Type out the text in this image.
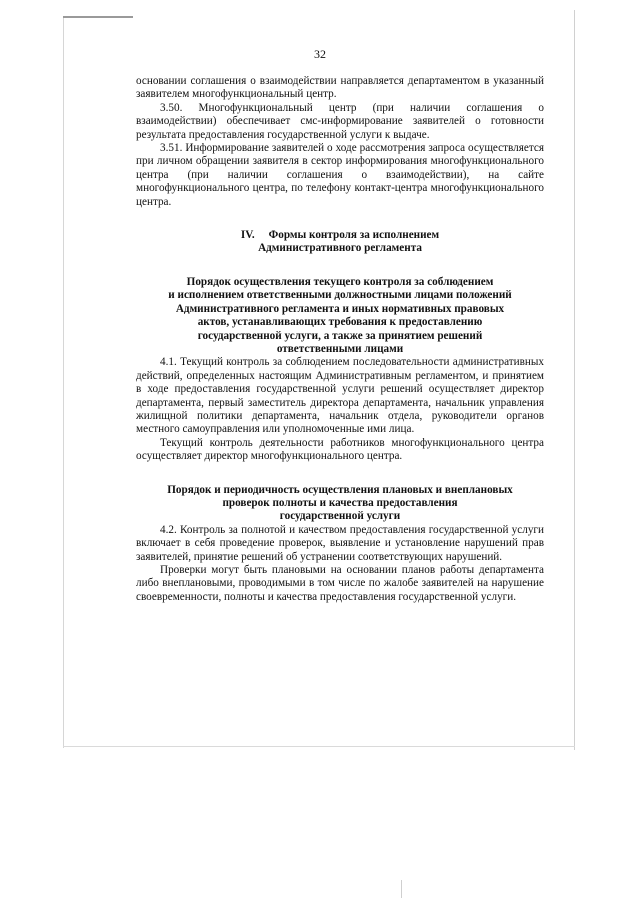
32

основании соглашения о взаимодействии направляется департаментом в указанный заявителем многофункциональный центр.

3.50. Многофункциональный центр (при наличии соглашения о взаимодействии) обеспечивает смс-информирование заявителей о готовности результата предоставления государственной услуги к выдаче.

3.51. Информирование заявителей о ходе рассмотрения запроса осуществляется при личном обращении заявителя в сектор информирования многофункционального центра (при наличии соглашения о взаимодействии), на сайте многофункционального центра, по телефону контакт-центра многофункционального центра.

IV.     Формы контроля за исполнением
Административного регламента
Порядок осуществления текущего контроля за соблюдением
и исполнением ответственными должностными лицами положений
Административного регламента и иных нормативных правовых
актов, устанавливающих требования к предоставлению
государственной услуги, а также за принятием решений
ответственными лицами

4.1. Текущий контроль за соблюдением последовательности административных действий, определенных настоящим Административным регламентом, и принятием в ходе предоставления государственной услуги решений осуществляет директор департамента, первый заместитель директора департамента, начальник управления жилищной политики департамента, начальник отдела, руководители органов местного самоуправления или уполномоченные ими лица.

Текущий контроль деятельности работников многофункционального центра осуществляет директор многофункционального центра.

Порядок и периодичность осуществления плановых и внеплановых
проверок полноты и качества предоставления
государственной услуги

4.2. Контроль за полнотой и качеством предоставления государственной услуги включает в себя проведение проверок, выявление и установление нарушений прав заявителей, принятие решений об устранении соответствующих нарушений.

Проверки могут быть плановыми на основании планов работы департамента либо внеплановыми, проводимыми в том числе по жалобе заявителей на нарушение своевременности, полноты и качества предоставления государственной услуги.
